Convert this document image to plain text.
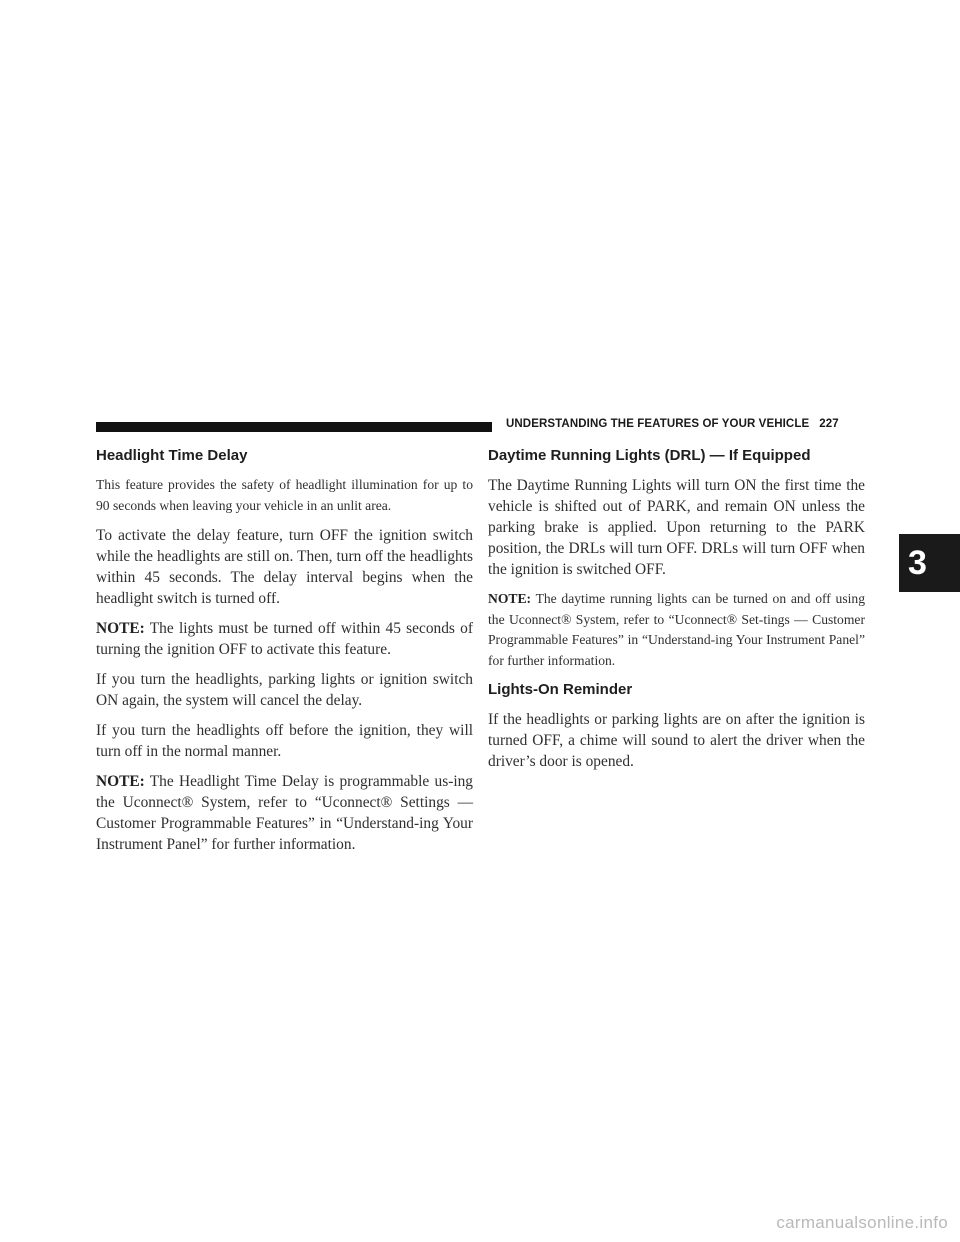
UNDERSTANDING THE FEATURES OF YOUR VEHICLE 227
3
Headlight Time Delay

This feature provides the safety of headlight illumination for up to 90 seconds when leaving your vehicle in an unlit area.

To activate the delay feature, turn OFF the ignition switch while the headlights are still on. Then, turn off the headlights within 45 seconds. The delay interval begins when the headlight switch is turned off.

NOTE: The lights must be turned off within 45 seconds of turning the ignition OFF to activate this feature.

If you turn the headlights, parking lights or ignition switch ON again, the system will cancel the delay.

If you turn the headlights off before the ignition, they will turn off in the normal manner.

NOTE: The Headlight Time Delay is programmable us-ing the Uconnect® System, refer to “Uconnect® Settings — Customer Programmable Features” in “Understand-ing Your Instrument Panel” for further information.

Daytime Running Lights (DRL) — If Equipped

The Daytime Running Lights will turn ON the first time the vehicle is shifted out of PARK, and remain ON unless the parking brake is applied. Upon returning to the PARK position, the DRLs will turn OFF. DRLs will turn OFF when the ignition is switched OFF.

NOTE: The daytime running lights can be turned on and off using the Uconnect® System, refer to “Uconnect® Set-tings — Customer Programmable Features” in “Understand-ing Your Instrument Panel” for further information.

Lights-On Reminder

If the headlights or parking lights are on after the ignition is turned OFF, a chime will sound to alert the driver when the driver’s door is opened.

carmanualsonline.info
